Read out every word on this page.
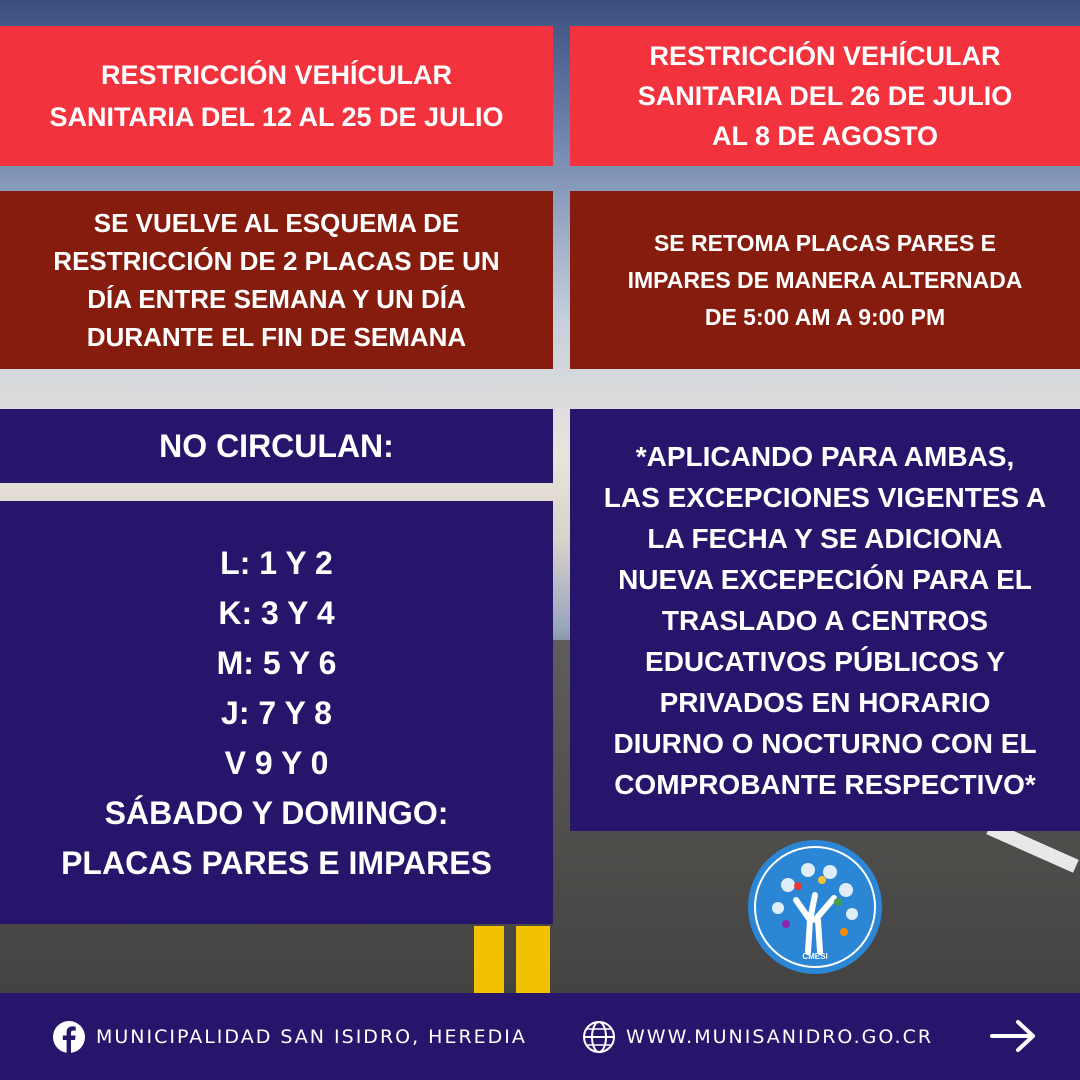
RESTRICCIÓN VEHÍCULAR
SANITARIA DEL 12 AL 25 DE JULIO
RESTRICCIÓN VEHÍCULAR
SANITARIA DEL 26 DE JULIO
AL 8 DE AGOSTO
SE VUELVE AL ESQUEMA DE
RESTRICCIÓN DE 2 PLACAS DE UN
DÍA ENTRE SEMANA Y UN DÍA
DURANTE EL FIN DE SEMANA
SE RETOMA PLACAS PARES E
IMPARES DE MANERA ALTERNADA
DE 5:00 AM A 9:00 PM
NO CIRCULAN:
L: 1 Y 2
K: 3 Y 4
M: 5 Y 6
J: 7 Y 8
V 9 Y 0
SÁBADO Y DOMINGO:
PLACAS PARES E IMPARES
*APLICANDO PARA AMBAS,
LAS EXCEPCIONES VIGENTES A
LA FECHA Y SE ADICIONA
NUEVA EXCEPECIÓN PARA EL
TRASLADO A CENTROS
EDUCATIVOS PÚBLICOS Y
PRIVADOS EN HORARIO
DIURNO O NOCTURNO CON EL
COMPROBANTE RESPECTIVO*
CMESI
MUNICIPALIDAD SAN ISIDRO, HEREDIA	WWW.MUNISANIDRO.GO.CR
